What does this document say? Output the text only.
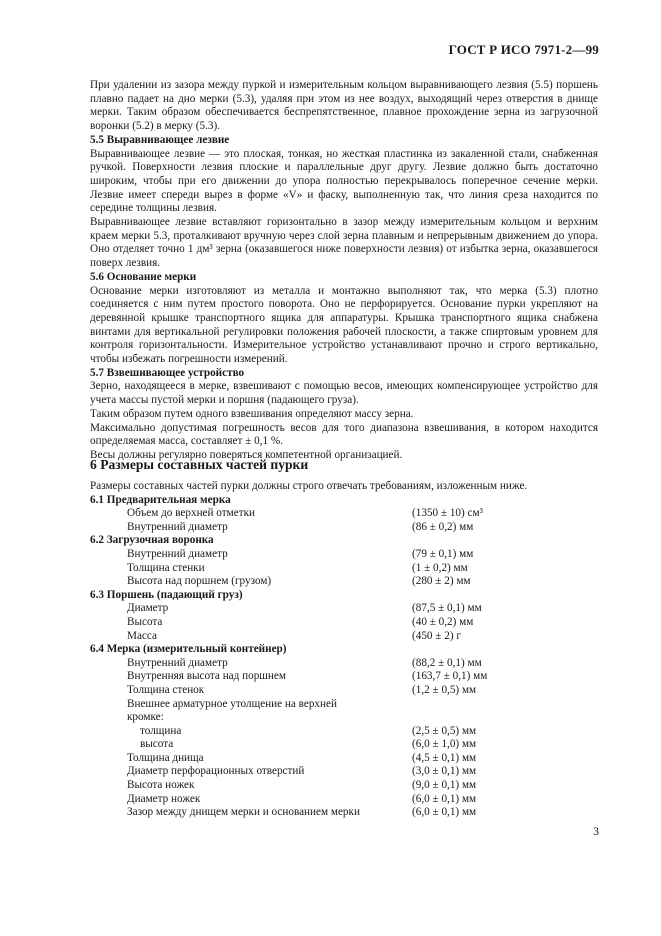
ГОСТ Р ИСО 7971-2—99

При удалении из зазора между пуркой и измерительным кольцом выравнивающего лезвия (5.5) поршень плавно падает на дно мерки (5.3), удаляя при этом из нее воздух, выходящий через отверстия в днище мерки. Таким образом обеспечивается беспрепятственное, плавное прохождение зерна из загрузочной воронки (5.2) в мерку (5.3).

5.5 Выравнивающее лезвие

Выравнивающее лезвие — это плоская, тонкая, но жесткая пластинка из закаленной стали, снабженная ручкой. Поверхности лезвия плоские и параллельные друг другу. Лезвие должно быть достаточно широким, чтобы при его движении до упора полностью перекрывалось поперечное сечение мерки. Лезвие имеет спереди вырез в форме «V» и фаску, выполненную так, что линия среза находится по середине толщины лезвия.

Выравнивающее лезвие вставляют горизонтально в зазор между измерительным кольцом и верхним краем мерки 5.3, проталкивают вручную через слой зерна плавным и непрерывным движением до упора. Оно отделяет точно 1 дм³ зерна (оказавшегося ниже поверхности лезвия) от избытка зерна, оказавшегося поверх лезвия.

5.6 Основание мерки

Основание мерки изготовляют из металла и монтажно выполняют так, что мерка (5.3) плотно соединяется с ним путем простого поворота. Оно не перфорируется. Основание пурки укрепляют на деревянной крышке транспортного ящика для аппаратуры. Крышка транспортного ящика снабжена винтами для вертикальной регулировки положения рабочей плоскости, а также спиртовым уровнем для контроля горизонтальности. Измерительное устройство устанавливают прочно и строго вертикально, чтобы избежать погрешности измерений.

5.7 Взвешивающее устройство

Зерно, находящееся в мерке, взвешивают с помощью весов, имеющих компенсирующее устройство для учета массы пустой мерки и поршня (падающего груза).

Таким образом путем одного взвешивания определяют массу зерна.

Максимально допустимая погрешность весов для того диапазона взвешивания, в котором находится определяемая масса, составляет ± 0,1 %.

Весы должны регулярно поверяться компетентной организацией.

6 Размеры составных частей пурки

Размеры составных частей пурки должны строго отвечать требованиям, изложенным ниже.

6.1 Предварительная мерка
Объем до верхней отметки	(1350 ± 10) см³
Внутренний диаметр	(86 ± 0,2) мм
6.2 Загрузочная воронка
Внутренний диаметр	(79 ± 0,1) мм
Толщина стенки	(1 ± 0,2) мм
Высота над поршнем (грузом)	(280 ± 2) мм
6.3 Поршень (падающий груз)
Диаметр	(87,5 ± 0,1) мм
Высота	(40 ± 0,2) мм
Масса	(450 ± 2) г
6.4 Мерка (измерительный контейнер)
Внутренний диаметр	(88,2 ± 0,1) мм
Внутренняя высота над поршнем	(163,7 ± 0,1) мм
Толщина стенок	(1,2 ± 0,5) мм
Внешнее арматурное утолщение на верхней
кромке:
толщина	(2,5 ± 0,5) мм
высота	(6,0 ± 1,0) мм
Толщина днища	(4,5 ± 0,1) мм
Диаметр перфорационных отверстий	(3,0 ± 0,1) мм
Высота ножек	(9,0 ± 0,1) мм
Диаметр ножек	(6,0 ± 0,1) мм
Зазор между днищем мерки и основанием мерки	(6,0 ± 0,1) мм
3
